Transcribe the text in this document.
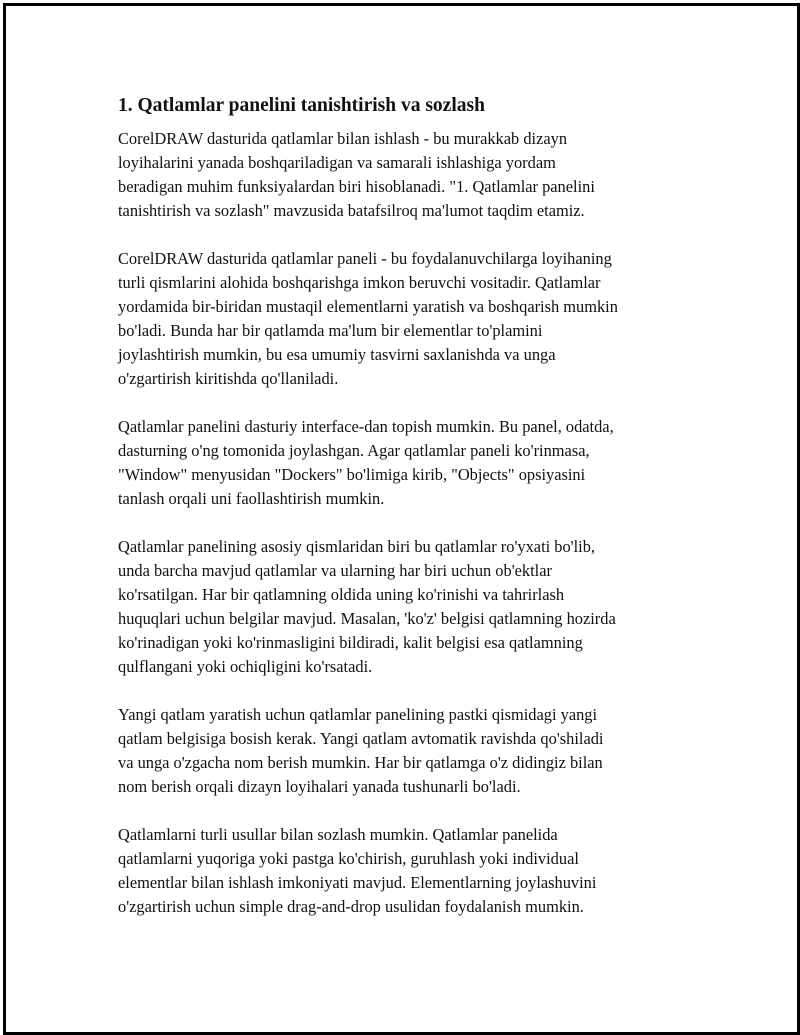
1. Qatlamlar panelini tanishtirish va sozlash

CorelDRAW dasturida qatlamlar bilan ishlash - bu murakkab dizayn
loyihalarini yanada boshqariladigan va samarali ishlashiga yordam
beradigan muhim funksiyalardan biri hisoblanadi. "1. Qatlamlar panelini
tanishtirish va sozlash" mavzusida batafsilroq ma'lumot taqdim etamiz.

CorelDRAW dasturida qatlamlar paneli - bu foydalanuvchilarga loyihaning
turli qismlarini alohida boshqarishga imkon beruvchi vositadir. Qatlamlar
yordamida bir-biridan mustaqil elementlarni yaratish va boshqarish mumkin
bo'ladi. Bunda har bir qatlamda ma'lum bir elementlar to'plamini
joylashtirish mumkin, bu esa umumiy tasvirni saxlanishda va unga
o'zgartirish kiritishda qo'llaniladi.

Qatlamlar panelini dasturiy interface-dan topish mumkin. Bu panel, odatda,
dasturning o'ng tomonida joylashgan. Agar qatlamlar paneli ko'rinmasa,
"Window" menyusidan "Dockers" bo'limiga kirib, "Objects" opsiyasini
tanlash orqali uni faollashtirish mumkin.

Qatlamlar panelining asosiy qismlaridan biri bu qatlamlar ro'yxati bo'lib,
unda barcha mavjud qatlamlar va ularning har biri uchun ob'ektlar
ko'rsatilgan. Har bir qatlamning oldida uning ko'rinishi va tahrirlash
huquqlari uchun belgilar mavjud. Masalan, 'ko'z' belgisi qatlamning hozirda
ko'rinadigan yoki ko'rinmasligini bildiradi, kalit belgisi esa qatlamning
qulflangani yoki ochiqligini ko'rsatadi.

Yangi qatlam yaratish uchun qatlamlar panelining pastki qismidagi yangi
qatlam belgisiga bosish kerak. Yangi qatlam avtomatik ravishda qo'shiladi
va unga o'zgacha nom berish mumkin. Har bir qatlamga o'z didingiz bilan
nom berish orqali dizayn loyihalari yanada tushunarli bo'ladi.

Qatlamlarni turli usullar bilan sozlash mumkin. Qatlamlar panelida
qatlamlarni yuqoriga yoki pastga ko'chirish, guruhlash yoki individual
elementlar bilan ishlash imkoniyati mavjud. Elementlarning joylashuvini
o'zgartirish uchun simple drag-and-drop usulidan foydalanish mumkin.
